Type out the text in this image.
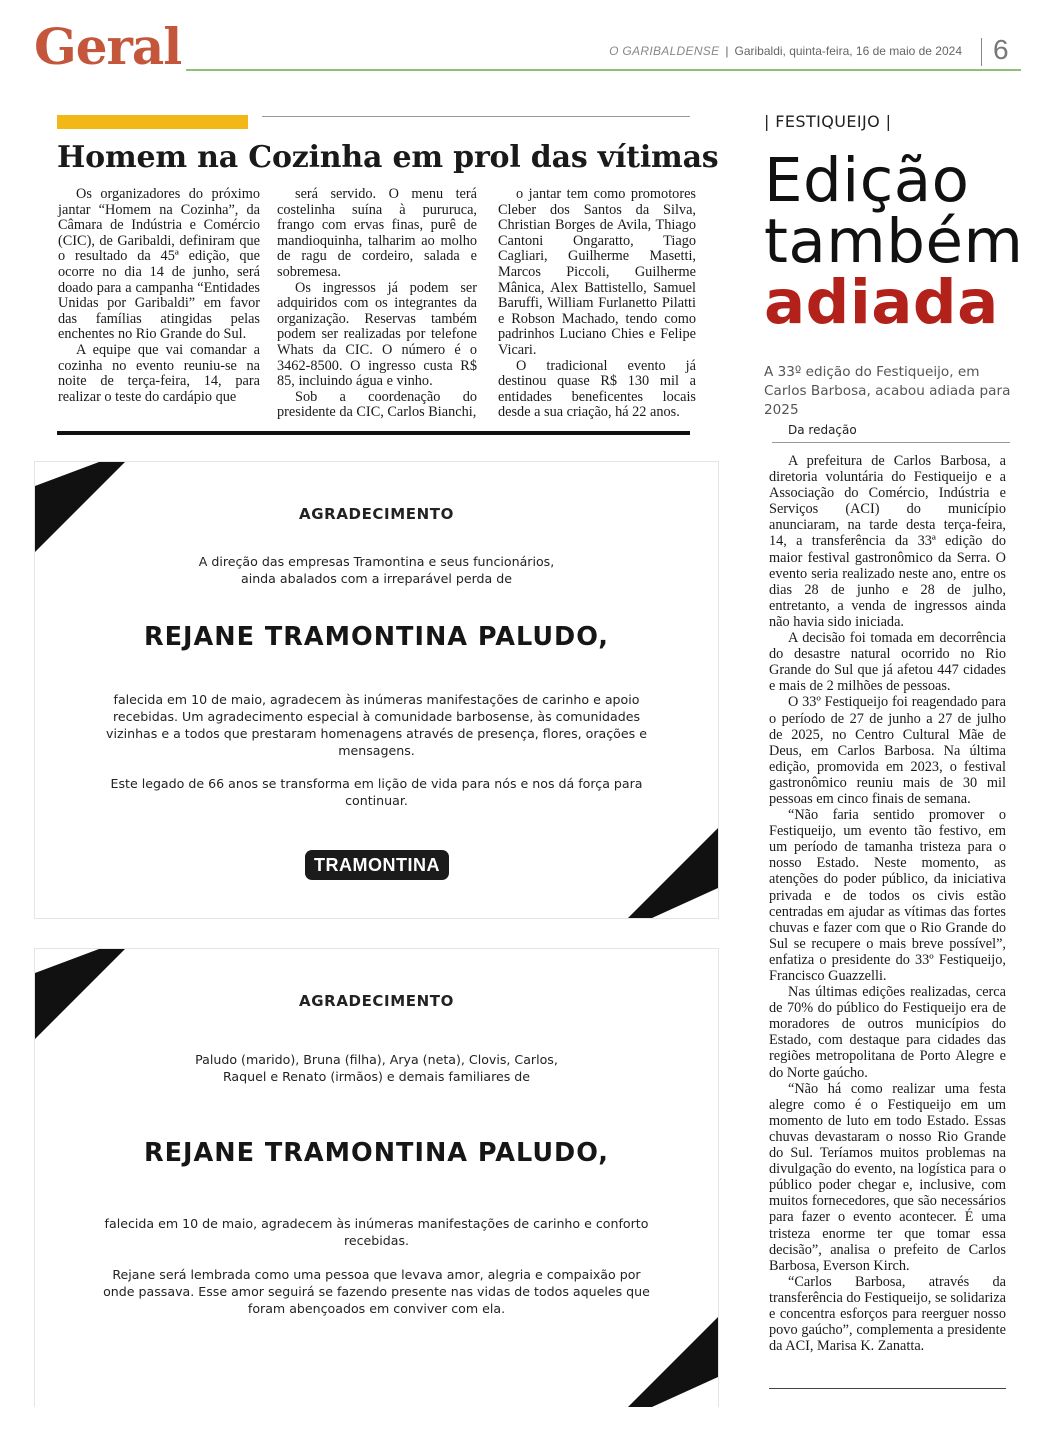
Geral	O GARIBALDENSE | Garibaldi, quinta-feira, 16 de maio de 2024 6
Homem na Cozinha em prol das vítimas

Os organizadores do próximo jantar “Homem na Cozinha”, da Câmara de Indústria e Comércio (CIC), de Garibaldi, definiram que o resultado da 45ª edição, que ocorre no dia 14 de junho, será doado para a campanha “Entidades Unidas por Garibaldi” em favor das famílias atingidas pelas enchentes no Rio Grande do Sul.

A equipe que vai comandar a cozinha no evento reuniu-se na noite de terça-feira, 14, para realizar o teste do cardápio que

será servido. O menu terá costelinha suína à pururuca, frango com ervas finas, purê de mandioquinha, talharim ao molho de ragu de cordeiro, salada e sobremesa.

Os ingressos já podem ser adquiridos com os integrantes da organização. Reservas também podem ser realizadas por telefone Whats da CIC. O número é o 3462-8500. O ingresso custa R$ 85, incluindo água e vinho.

Sob a coordenação do presidente da CIC, Carlos Bianchi,

o jantar tem como promotores Cleber dos Santos da Silva, Christian Borges de Avila, Thiago Cantoni Ongaratto, Tiago Cagliari, Guilherme Masetti, Marcos Piccoli, Guilherme Mânica, Alex Battistello, Samuel Baruffi, William Furlanetto Pilatti e Robson Machado, tendo como padrinhos Luciano Chies e Felipe Vicari.

O tradicional evento já destinou quase R$ 130 mil a entidades beneficentes locais desde a sua criação, há 22 anos.

AGRADECIMENTO
A direção das empresas Tramontina e seus funcionários,
ainda abalados com a irreparável perda de
REJANE TRAMONTINA PALUDO,
falecida em 10 de maio, agradecem às inúmeras manifestações de carinho e apoio recebidas. Um agradecimento especial à comunidade barbosense, às comunidades vizinhas e a todos que prestaram homenagens através de presença, flores, orações e mensagens.
Este legado de 66 anos se transforma em lição de vida para nós e nos dá força para continuar.
TRAMONTINA
AGRADECIMENTO
Paludo (marido), Bruna (filha), Arya (neta), Clovis, Carlos,
Raquel e Renato (irmãos) e demais familiares de
REJANE TRAMONTINA PALUDO,
falecida em 10 de maio, agradecem às inúmeras manifestações de carinho e conforto recebidas.
Rejane será lembrada como uma pessoa que levava amor, alegria e compaixão por onde passava. Esse amor seguirá se fazendo presente nas vidas de todos aqueles que foram abençoados em conviver com ela.
| FESTIQUEIJO |
Edição
também
adiada
A 33º edição do Festiqueijo, em Carlos Barbosa, acabou adiada para 2025
Da redação

A prefeitura de Carlos Barbosa, a diretoria voluntária do Festiqueijo e a Associação do Comércio, Indústria e Serviços (ACI) do município anunciaram, na tarde desta terça-feira, 14, a transferência da 33ª edição do maior festival gastronômico da Serra. O evento seria realizado neste ano, entre os dias 28 de junho e 28 de julho, entretanto, a venda de ingressos ainda não havia sido iniciada.

A decisão foi tomada em decorrência do desastre natural ocorrido no Rio Grande do Sul que já afetou 447 cidades e mais de 2 milhões de pessoas.

O 33º Festiqueijo foi reagendado para o período de 27 de junho a 27 de julho de 2025, no Centro Cultural Mãe de Deus, em Carlos Barbosa. Na última edição, promovida em 2023, o festival gastronômico reuniu mais de 30 mil pessoas em cinco finais de semana.

“Não faria sentido promover o Festiqueijo, um evento tão festivo, em um período de tamanha tristeza para o nosso Estado. Neste momento, as atenções do poder público, da iniciativa privada e de todos os civis estão centradas em ajudar as vítimas das fortes chuvas e fazer com que o Rio Grande do Sul se recupere o mais breve possível”, enfatiza o presidente do 33º Festiqueijo, Francisco Guazzelli.

Nas últimas edições realizadas, cerca de 70% do público do Festiqueijo era de moradores de outros municípios do Estado, com destaque para cidades das regiões metropolitana de Porto Alegre e do Norte gaúcho.

“Não há como realizar uma festa alegre como é o Festiqueijo em um momento de luto em todo Estado. Essas chuvas devastaram o nosso Rio Grande do Sul. Teríamos muitos problemas na divulgação do evento, na logística para o público poder chegar e, inclusive, com muitos fornecedores, que são necessários para fazer o evento acontecer. É uma tristeza enorme ter que tomar essa decisão”, analisa o prefeito de Carlos Barbosa, Everson Kirch.

“Carlos Barbosa, através da transferência do Festiqueijo, se solidariza e concentra esforços para reerguer nosso povo gaúcho”, complementa a presidente da ACI, Marisa K. Zanatta.
